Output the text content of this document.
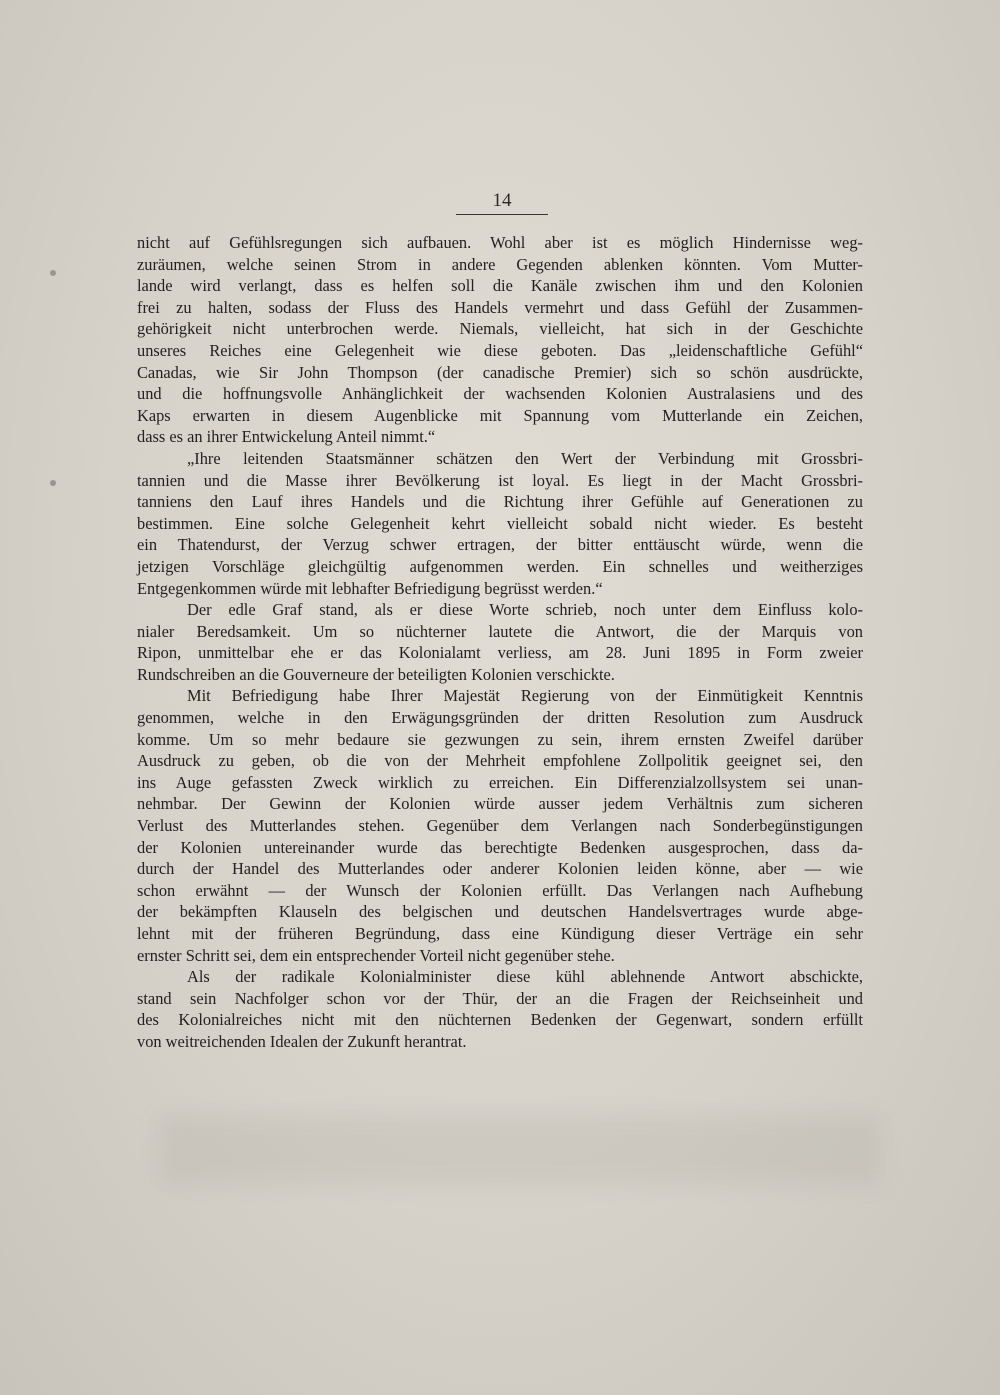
14

nicht auf Gefühlsregungen sich aufbauen. Wohl aber ist es möglich Hindernisse weg-

zuräumen, welche seinen Strom in andere Gegenden ablenken könnten. Vom Mutter-

lande wird verlangt, dass es helfen soll die Kanäle zwischen ihm und den Kolonien

frei zu halten, sodass der Fluss des Handels vermehrt und dass Gefühl der Zusammen-

gehörigkeit nicht unterbrochen werde. Niemals, vielleicht, hat sich in der Geschichte

unseres Reiches eine Gelegenheit wie diese geboten. Das „leidenschaftliche Gefühl“

Canadas, wie Sir John Thompson (der canadische Premier) sich so schön ausdrückte,

und die hoffnungsvolle Anhänglichkeit der wachsenden Kolonien Australasiens und des

Kaps erwarten in diesem Augenblicke mit Spannung vom Mutterlande ein Zeichen,

dass es an ihrer Entwickelung Anteil nimmt.“

„Ihre leitenden Staatsmänner schätzen den Wert der Verbindung mit Grossbri-

tannien und die Masse ihrer Bevölkerung ist loyal. Es liegt in der Macht Grossbri-

tanniens den Lauf ihres Handels und die Richtung ihrer Gefühle auf Generationen zu

bestimmen. Eine solche Gelegenheit kehrt vielleicht sobald nicht wieder. Es besteht

ein Thatendurst, der Verzug schwer ertragen, der bitter enttäuscht würde, wenn die

jetzigen Vorschläge gleichgültig aufgenommen werden. Ein schnelles und weitherziges

Entgegenkommen würde mit lebhafter Befriedigung begrüsst werden.“

Der edle Graf stand, als er diese Worte schrieb, noch unter dem Einfluss kolo-

nialer Beredsamkeit. Um so nüchterner lautete die Antwort, die der Marquis von

Ripon, unmittelbar ehe er das Kolonialamt verliess, am 28. Juni 1895 in Form zweier

Rundschreiben an die Gouverneure der beteiligten Kolonien verschickte.

Mit Befriedigung habe Ihrer Majestät Regierung von der Einmütigkeit Kenntnis

genommen, welche in den Erwägungsgründen der dritten Resolution zum Ausdruck

komme. Um so mehr bedaure sie gezwungen zu sein, ihrem ernsten Zweifel darüber

Ausdruck zu geben, ob die von der Mehrheit empfohlene Zollpolitik geeignet sei, den

ins Auge gefassten Zweck wirklich zu erreichen. Ein Differenzialzollsystem sei unan-

nehmbar. Der Gewinn der Kolonien würde ausser jedem Verhältnis zum sicheren

Verlust des Mutterlandes stehen. Gegenüber dem Verlangen nach Sonderbegünstigungen

der Kolonien untereinander wurde das berechtigte Bedenken ausgesprochen, dass da-

durch der Handel des Mutterlandes oder anderer Kolonien leiden könne, aber — wie

schon erwähnt — der Wunsch der Kolonien erfüllt. Das Verlangen nach Aufhebung

der bekämpften Klauseln des belgischen und deutschen Handelsvertrages wurde abge-

lehnt mit der früheren Begründung, dass eine Kündigung dieser Verträge ein sehr

ernster Schritt sei, dem ein entsprechender Vorteil nicht gegenüber stehe.

Als der radikale Kolonialminister diese kühl ablehnende Antwort abschickte,

stand sein Nachfolger schon vor der Thür, der an die Fragen der Reichseinheit und

des Kolonialreiches nicht mit den nüchternen Bedenken der Gegenwart, sondern erfüllt

von weitreichenden Idealen der Zukunft herantrat.
